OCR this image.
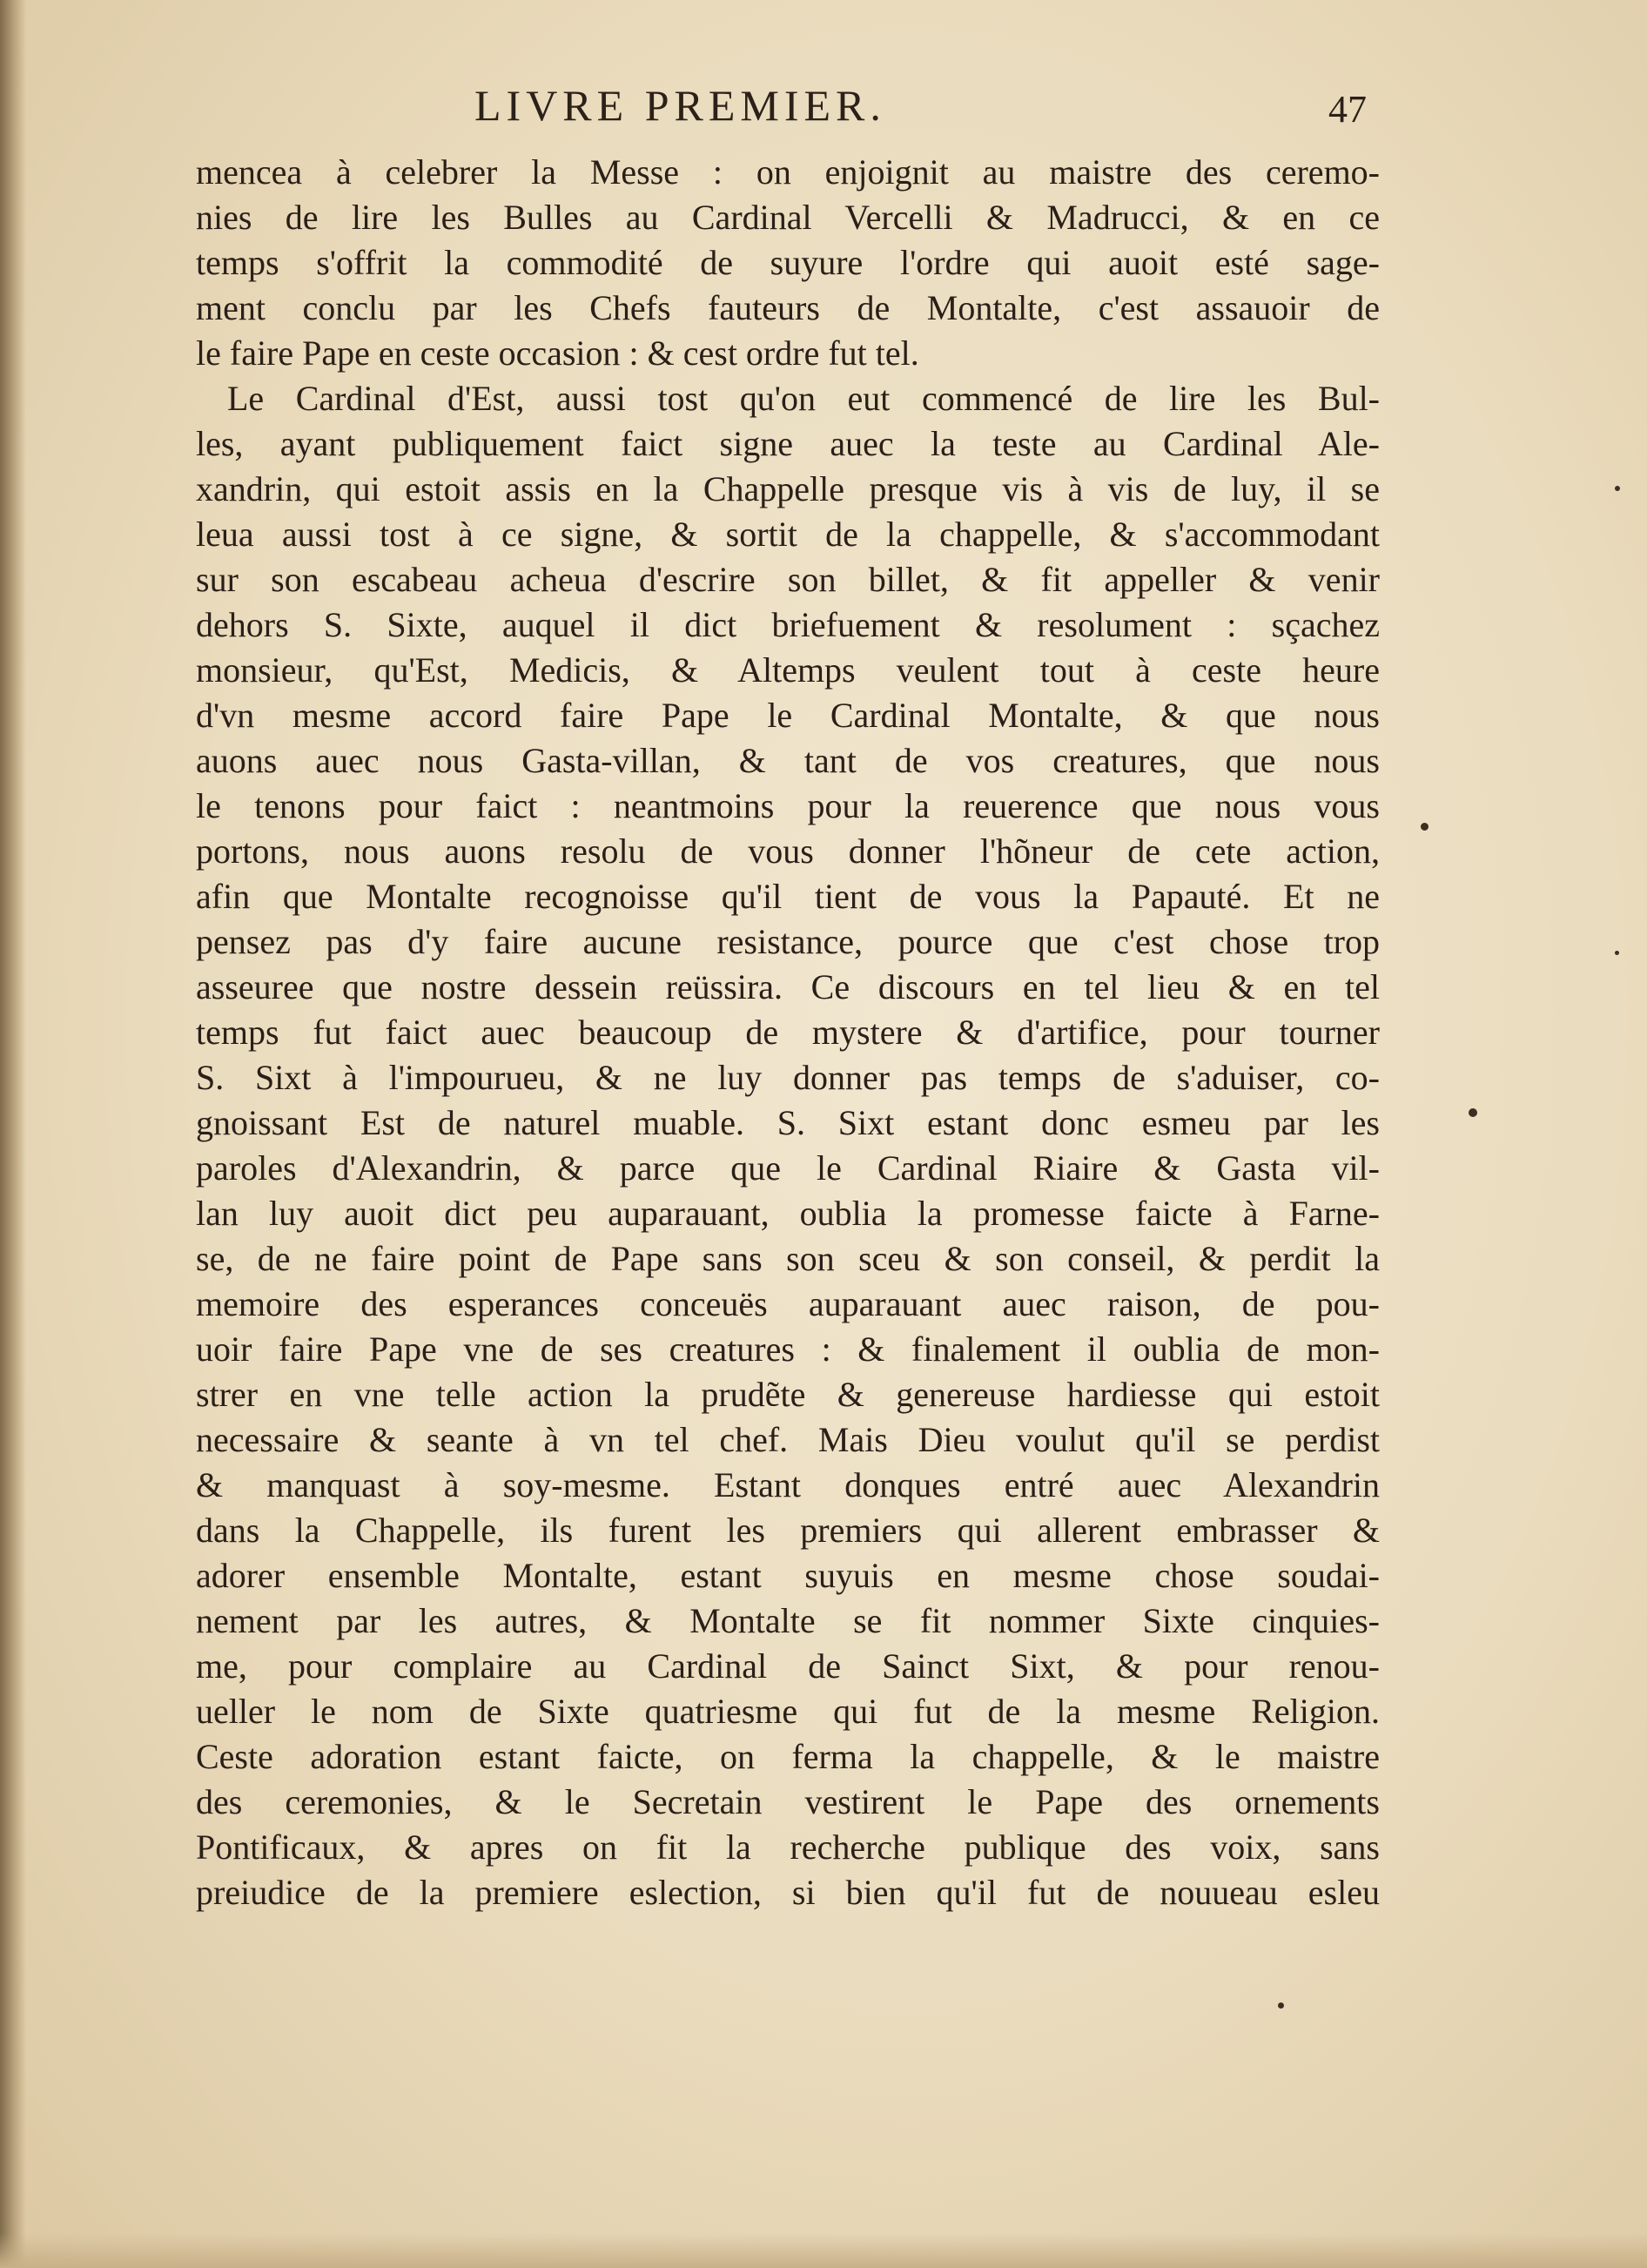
LIVRE PREMIER.	47
mencea à celebrer la Messe : on enjoignit au maistre des ceremo-
nies de lire les Bulles au Cardinal Vercelli & Madrucci, & en ce
temps s'offrit la commodité de suyure l'ordre qui auoit esté sage-
ment conclu par les Chefs fauteurs de Montalte, c'est assauoir de
le faire Pape en ceste occasion : & cest ordre fut tel.
Le Cardinal d'Est, aussi tost qu'on eut commencé de lire les Bul-
les, ayant publiquement faict signe auec la teste au Cardinal Ale-
xandrin, qui estoit assis en la Chappelle presque vis à vis de luy, il se
leua aussi tost à ce signe, & sortit de la chappelle, & s'accommodant
sur son escabeau acheua d'escrire son billet, & fit appeller & venir
dehors S. Sixte, auquel il dict briefuement & resolument : sçachez
monsieur, qu'Est, Medicis, & Altemps veulent tout à ceste heure
d'vn mesme accord faire Pape le Cardinal Montalte, & que nous
auons auec nous Gasta-villan, & tant de vos creatures, que nous
le tenons pour faict : neantmoins pour la reuerence que nous vous
portons, nous auons resolu de vous donner l'hõneur de cete action,
afin que Montalte recognoisse qu'il tient de vous la Papauté. Et ne
pensez pas d'y faire aucune resistance, pource que c'est chose trop
asseuree que nostre dessein reüssira. Ce discours en tel lieu & en tel
temps fut faict auec beaucoup de mystere & d'artifice, pour tourner
S. Sixt à l'impourueu, & ne luy donner pas temps de s'aduiser, co-
gnoissant Est de naturel muable. S. Sixt estant donc esmeu par les
paroles d'Alexandrin, & parce que le Cardinal Riaire & Gasta vil-
lan luy auoit dict peu auparauant, oublia la promesse faicte à Farne-
se, de ne faire point de Pape sans son sceu & son conseil, & perdit la
memoire des esperances conceuës auparauant auec raison, de pou-
uoir faire Pape vne de ses creatures : & finalement il oublia de mon-
strer en vne telle action la prudẽte & genereuse hardiesse qui estoit
necessaire & seante à vn tel chef. Mais Dieu voulut qu'il se perdist
& manquast à soy-mesme. Estant donques entré auec Alexandrin
dans la Chappelle, ils furent les premiers qui allerent embrasser &
adorer ensemble Montalte, estant suyuis en mesme chose soudai-
nement par les autres, & Montalte se fit nommer Sixte cinquies-
me, pour complaire au Cardinal de Sainct Sixt, & pour renou-
ueller le nom de Sixte quatriesme qui fut de la mesme Religion.
Ceste adoration estant faicte, on ferma la chappelle, & le maistre
des ceremonies, & le Secretain vestirent le Pape des ornements
Pontificaux, & apres on fit la recherche publique des voix, sans
preiudice de la premiere eslection, si bien qu'il fut de nouueau esleu
